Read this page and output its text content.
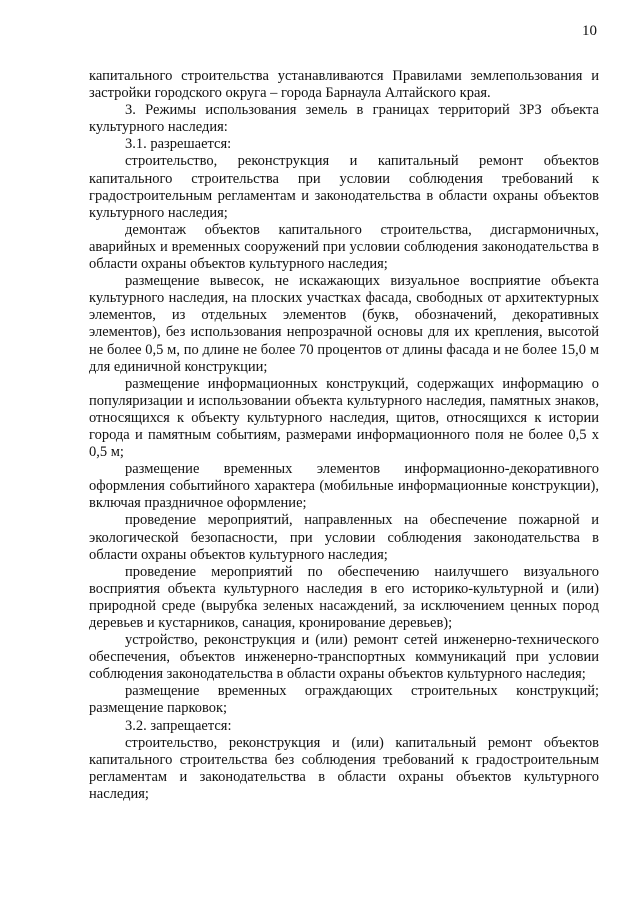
10

капитального строительства устанавливаются Правилами землепользования и застройки городского округа – города Барнаула Алтайского края.

3. Режимы использования земель в границах территорий ЗРЗ объекта культурного наследия:

3.1. разрешается:

строительство, реконструкция и капитальный ремонт объектов капитального строительства при условии соблюдения требований к градостроительным регламентам и законодательства в области охраны объектов культурного наследия;

демонтаж объектов капитального строительства, дисгармоничных, аварийных и временных сооружений при условии соблюдения законодательства в области охраны объектов культурного наследия;

размещение вывесок, не искажающих визуальное восприятие объекта культурного наследия, на плоских участках фасада, свободных от архитектурных элементов, из отдельных элементов (букв, обозначений, декоративных элементов), без использования непрозрачной основы для их крепления, высотой не более 0,5 м, по длине не более 70 процентов от длины фасада и не более 15,0 м для единичной конструкции;

размещение информационных конструкций, содержащих информацию о популяризации и использовании объекта культурного наследия, памятных знаков, относящихся к объекту культурного наследия, щитов, относящихся к истории города и памятным событиям, размерами информационного поля не более 0,5 х 0,5 м;

размещение временных элементов информационно-декоративного оформления событийного характера (мобильные информационные конструкции), включая праздничное оформление;

проведение мероприятий, направленных на обеспечение пожарной и экологической безопасности, при условии соблюдения законодательства в области охраны объектов культурного наследия;

проведение мероприятий по обеспечению наилучшего визуального восприятия объекта культурного наследия в его историко-культурной и (или) природной среде (вырубка зеленых насаждений, за исключением ценных пород деревьев и кустарников, санация, кронирование деревьев);

устройство, реконструкция и (или) ремонт сетей инженерно-технического обеспечения, объектов инженерно-транспортных коммуникаций при условии соблюдения законодательства в области охраны объектов культурного наследия;

размещение временных ограждающих строительных конструкций; размещение парковок;

3.2. запрещается:

строительство, реконструкция и (или) капитальный ремонт объектов капитального строительства без соблюдения требований к градостроительным регламентам и законодательства в области охраны объектов культурного наследия;
